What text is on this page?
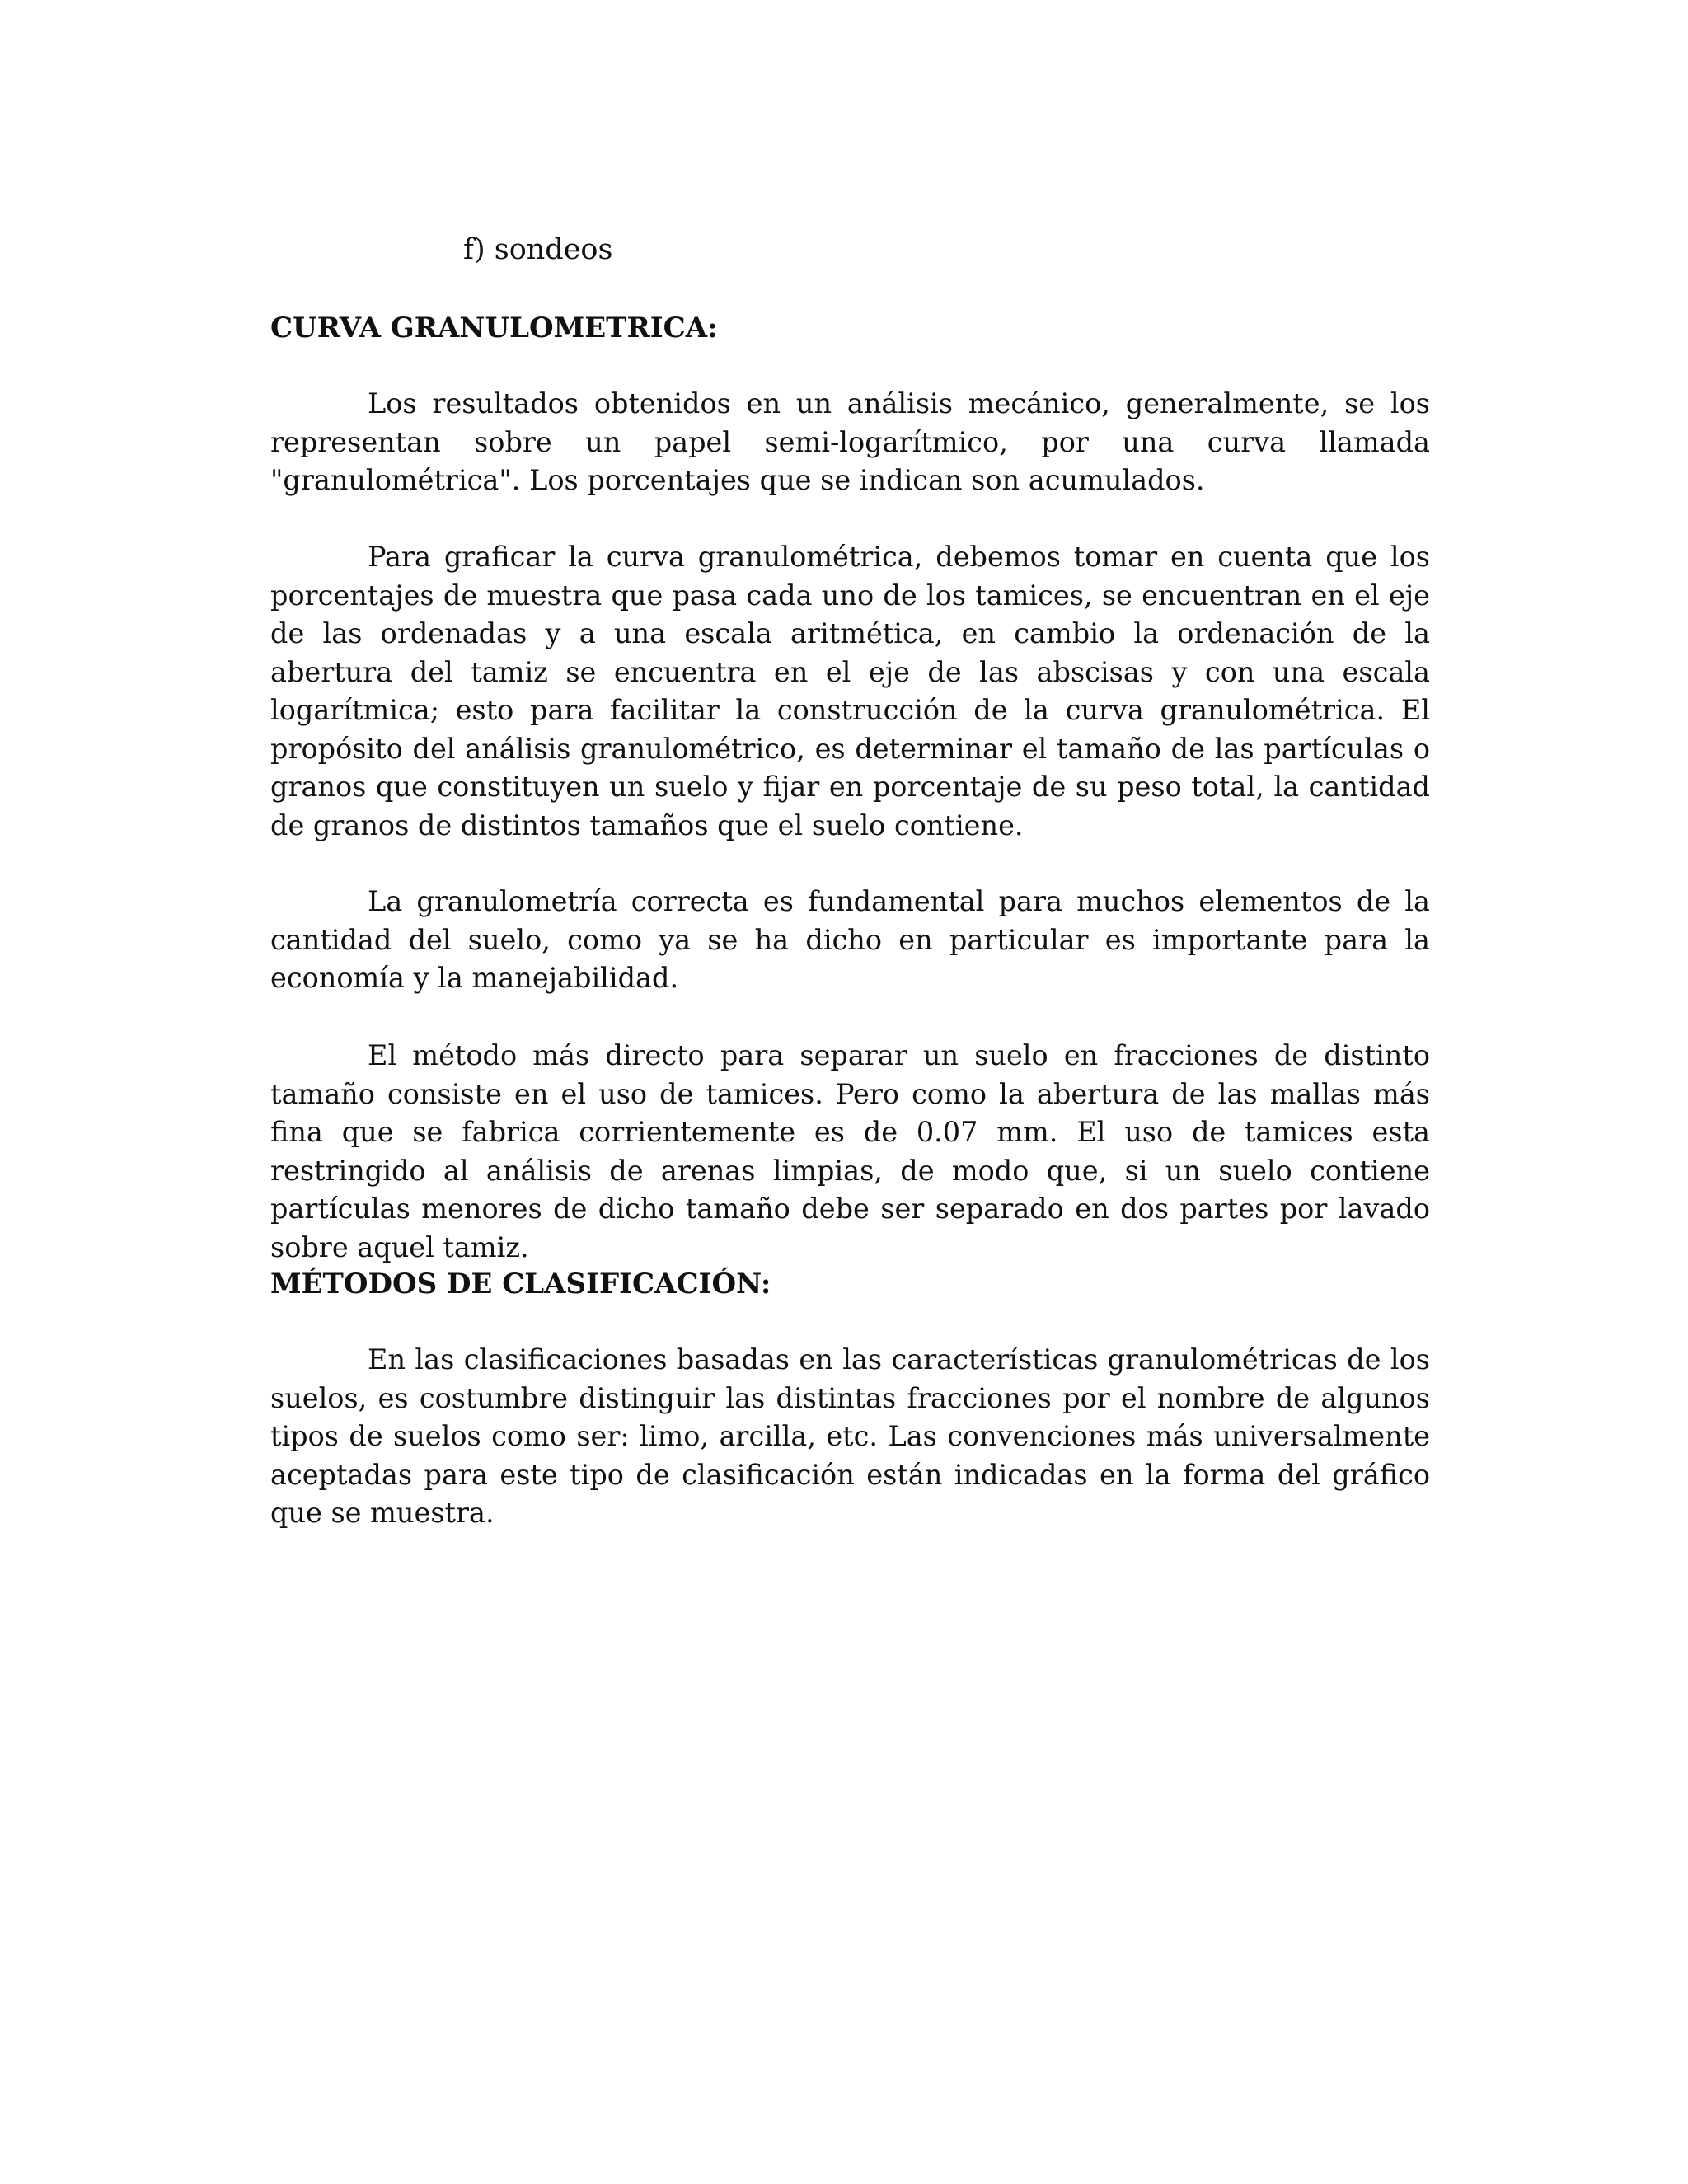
f) sondeos
CURVA GRANULOMETRICA:

Los resultados obtenidos en un análisis mecánico, generalmente, se los representan sobre un papel semi-logarítmico, por una curva llamada "granulométrica". Los porcentajes que se indican son acumulados.

Para graficar la curva granulométrica, debemos tomar en cuenta que los porcentajes de muestra que pasa cada uno de los tamices, se encuentran en el eje de las ordenadas y a una escala aritmética, en cambio la ordenación de la abertura del tamiz se encuentra en el eje de las abscisas y con una escala logarítmica; esto para facilitar la construcción de la curva granulométrica. El propósito del análisis granulométrico, es determinar el tamaño de las partículas o granos que constituyen un suelo y fijar en porcentaje de su peso total, la cantidad de granos de distintos tamaños que el suelo contiene.

La granulometría correcta es fundamental para muchos elementos de la cantidad del suelo, como ya se ha dicho en particular es importante para la economía y la manejabilidad.

El método más directo para separar un suelo en fracciones de distinto tamaño consiste en el uso de tamices. Pero como la abertura de las mallas más fina que se fabrica corrientemente es de 0.07 mm. El uso de tamices esta restringido al análisis de arenas limpias, de modo que, si un suelo contiene partículas menores de dicho tamaño debe ser separado en dos partes por lavado sobre aquel tamiz.

MÉTODOS DE CLASIFICACIÓN:

En las clasificaciones basadas en las características granulométricas de los suelos, es costumbre distinguir las distintas fracciones por el nombre de algunos tipos de suelos como ser: limo, arcilla, etc. Las convenciones más universalmente aceptadas para este tipo de clasificación están indicadas en la forma del gráfico que se muestra.
